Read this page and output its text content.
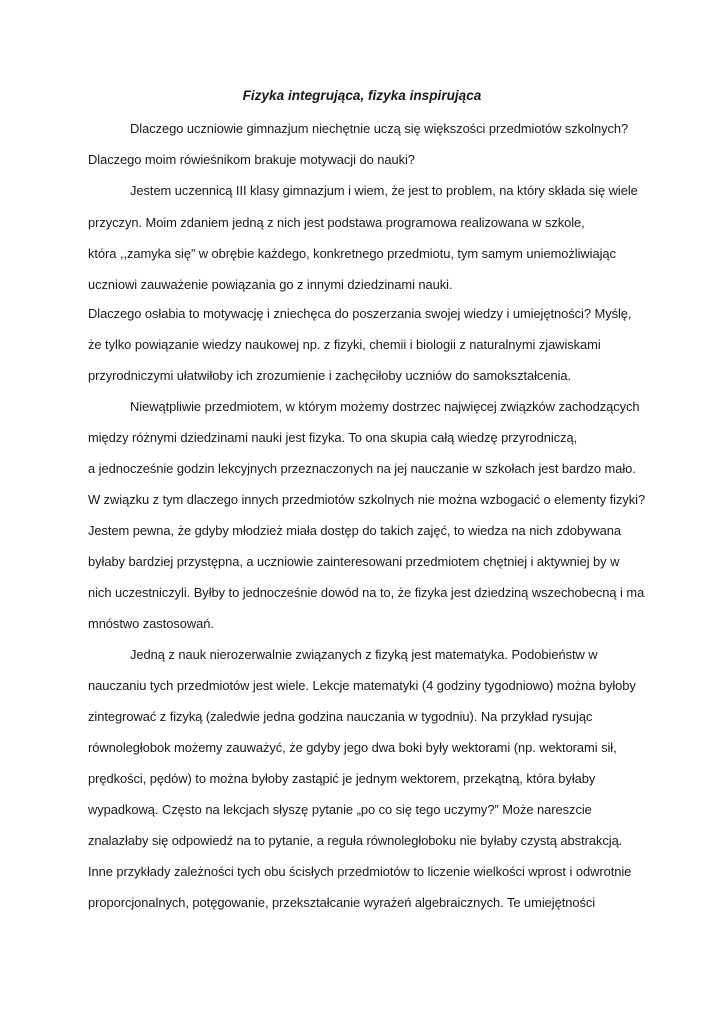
Fizyka integrująca, fizyka inspirująca
Dlaczego uczniowie gimnazjum niechętnie uczą się większości przedmiotów szkolnych?
Dlaczego moim rówieśnikom brakuje motywacji do nauki?
Jestem uczennicą III klasy gimnazjum i wiem, że jest to problem, na który składa się wiele
przyczyn. Moim zdaniem jedną z nich jest podstawa programowa realizowana w szkole,
która ,,zamyka się” w obrębie każdego, konkretnego przedmiotu, tym samym uniemożliwiając
uczniowi zauważenie powiązania go z innymi dziedzinami nauki.
Dlaczego osłabia to motywację i zniechęca do poszerzania swojej wiedzy i umiejętności? Myślę,
że tylko powiązanie wiedzy naukowej np. z fizyki, chemii i biologii z naturalnymi zjawiskami
przyrodniczymi ułatwiłoby ich zrozumienie i zachęciłoby uczniów do samokształcenia.
Niewątpliwie przedmiotem, w którym możemy dostrzec najwięcej związków zachodzących
między różnymi dziedzinami nauki jest fizyka. To ona skupia całą wiedzę przyrodniczą,
a jednocześnie godzin lekcyjnych przeznaczonych na jej nauczanie w szkołach jest bardzo mało.
W związku z tym dlaczego innych przedmiotów szkolnych nie można wzbogacić o elementy fizyki?
Jestem pewna, że gdyby młodzież miała dostęp do takich zajęć, to wiedza na nich zdobywana
byłaby bardziej przystępna, a uczniowie zainteresowani przedmiotem chętniej i aktywniej by w
nich uczestniczyli. Byłby to jednocześnie dowód na to, że fizyka jest dziedziną wszechobecną i ma
mnóstwo zastosowań.
Jedną z nauk nierozerwalnie związanych z fizyką jest matematyka. Podobieństw w
nauczaniu tych przedmiotów jest wiele. Lekcje matematyki (4 godziny tygodniowo) można byłoby
zintegrować z fizyką (zaledwie jedna godzina nauczania w tygodniu). Na przykład rysując
równoległobok możemy zauważyć, że gdyby jego dwa boki były wektorami (np. wektorami sił,
prędkości, pędów) to można byłoby zastąpić je jednym wektorem, przekątną, która byłaby
wypadkową. Często na lekcjach słyszę pytanie „po co się tego uczymy?” Może nareszcie
znalazłaby się odpowiedź na to pytanie, a reguła równoległoboku nie byłaby czystą abstrakcją.
Inne przykłady zależności tych obu ścisłych przedmiotów to liczenie wielkości wprost i odwrotnie
proporcjonalnych, potęgowanie, przekształcanie wyrażeń algebraicznych. Te umiejętności
